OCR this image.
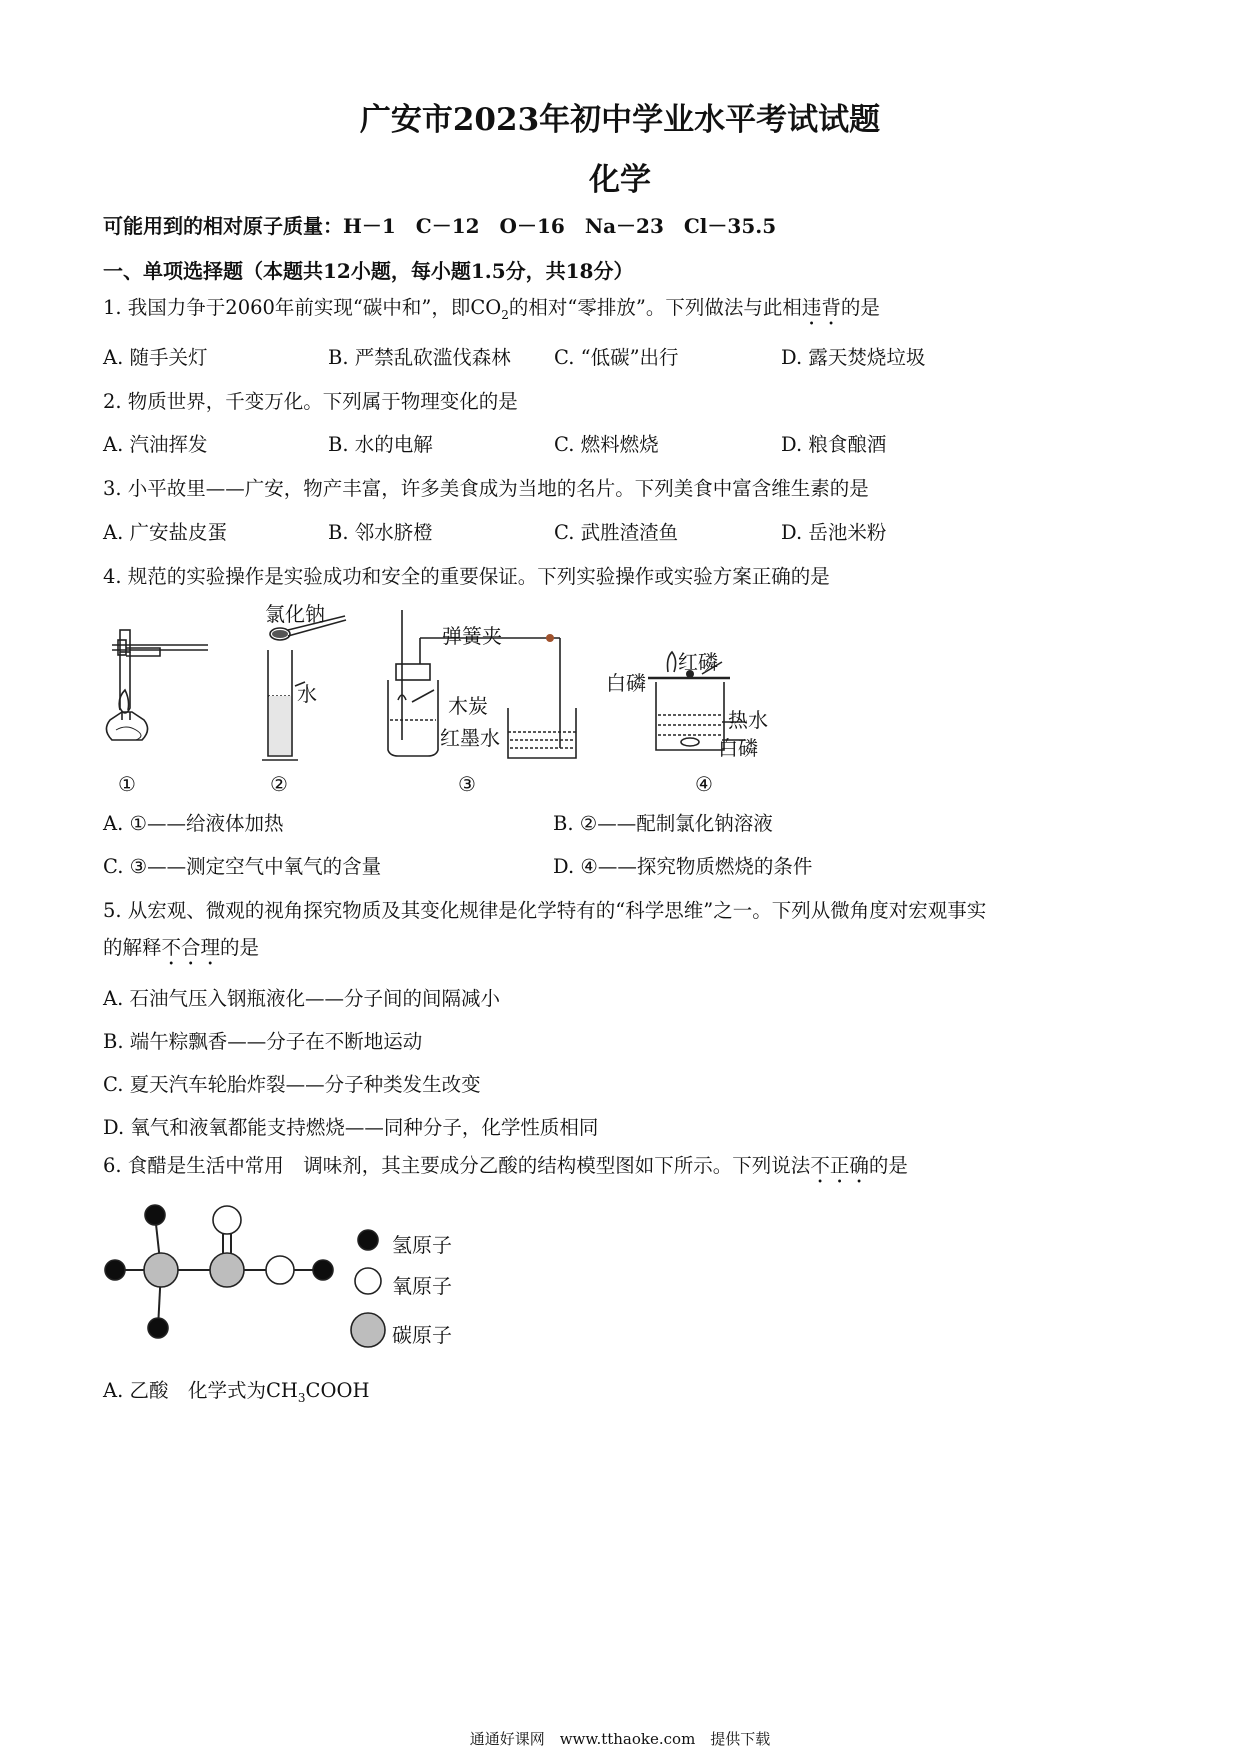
广安市2023年初中学业水平考试试题
化学
可能用到的相对原子质量：H－1　C－12　O－16　Na－23　Cl－35.5
一、单项选择题（本题共12小题，每小题1.5分，共18分）
1. 我国力争于2060年前实现“碳中和”，即$CO_2$的相对“零排放”。下列做法与此相违背的是
A. 随手关灯	B. 严禁乱砍滥伐森林 C. “低碳”出行	D. 露天焚烧垃圾
2. 物质世界，千变万化。下列属于物理变化的是
A. 汽油挥发	B. 水的电解	C. 燃料燃烧	D. 粮食酿酒
3. 小平故里——广安，物产丰富，许多美食成为当地的名片。下列美食中富含维生素的是
A. 广安盐皮蛋	B. 邻水脐橙	C. 武胜渣渣鱼	D. 岳池米粉
4. 规范的实验操作是实验成功和安全的重要保证。下列实验操作或实验方案正确的是
氯化钠
水
弹簧夹
木炭
红墨水
红磷
白磷
热水
白磷
①	②	③	④
A. ①——给液体加热	B. ②——配制氯化钠溶液
C. ③——测定空气中氧气的含量	D. ④——探究物质燃烧的条件
5. 从宏观、微观的视角探究物质及其变化规律是化学特有的“科学思维”之一。下列从微角度对宏观事实
的解释不合理的是
A. 石油气压入钢瓶液化——分子间的间隔减小
B. 端午粽飘香——分子在不断地运动
C. 夏天汽车轮胎炸裂——分子种类发生改变
D. 氧气和液氧都能支持燃烧——同种分子，化学性质相同
6. 食醋是生活中常用　调味剂，其主要成分乙酸的结构模型图如下所示。下列说法不正确的是
氢原子
氧原子
碳原子
A. 乙酸　化学式为$CH_3COOH$
通通好课网　www.tthaoke.com　提供下载
